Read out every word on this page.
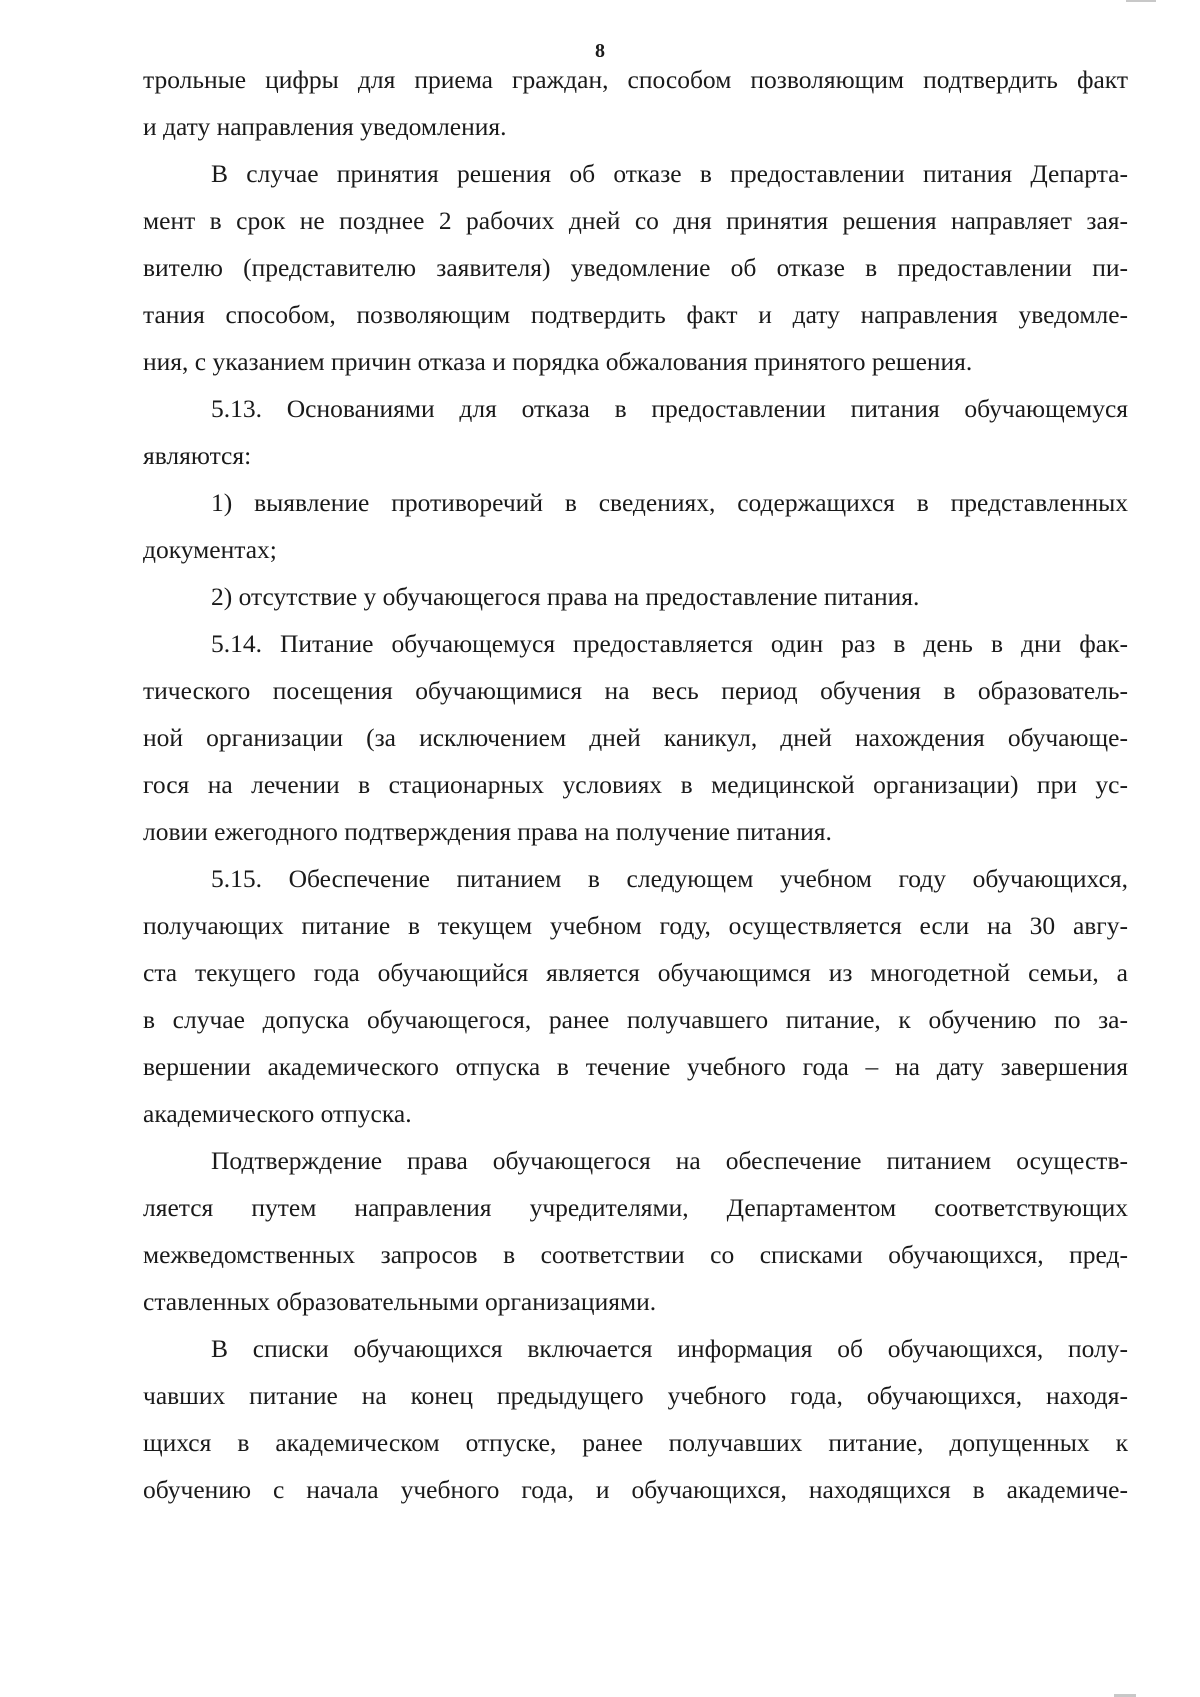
8
трольные цифры для приема граждан, способом позволяющим подтвердить факт
и дату направления уведомления.
В случае принятия решения об отказе в предоставлении питания Департа-
мент в срок не позднее 2 рабочих дней со дня принятия решения направляет зая-
вителю (представителю заявителя) уведомление об отказе в предоставлении пи-
тания способом, позволяющим подтвердить факт и дату направления уведомле-
ния, с указанием причин отказа и порядка обжалования принятого решения.
5.13. Основаниями для отказа в предоставлении питания обучающемуся
являются:
1) выявление противоречий в сведениях, содержащихся в представленных
документах;
2) отсутствие у обучающегося права на предоставление питания.
5.14. Питание обучающемуся предоставляется один раз в день в дни фак-
тического посещения обучающимися на весь период обучения в образователь-
ной организации (за исключением дней каникул, дней нахождения обучающе-
гося на лечении в стационарных условиях в медицинской организации) при ус-
ловии ежегодного подтверждения права на получение питания.
5.15. Обеспечение питанием в следующем учебном году обучающихся,
получающих питание в текущем учебном году, осуществляется если на 30 авгу-
ста текущего года обучающийся является обучающимся из многодетной семьи, а
в случае допуска обучающегося, ранее получавшего питание, к обучению по за-
вершении академического отпуска в течение учебного года – на дату завершения
академического отпуска.
Подтверждение права обучающегося на обеспечение питанием осуществ-
ляется путем направления учредителями, Департаментом соответствующих
межведомственных запросов в соответствии со списками обучающихся, пред-
ставленных образовательными организациями.
В списки обучающихся включается информация об обучающихся, полу-
чавших питание на конец предыдущего учебного года, обучающихся, находя-
щихся в академическом отпуске, ранее получавших питание, допущенных к
обучению с начала учебного года, и обучающихся, находящихся в академиче-
